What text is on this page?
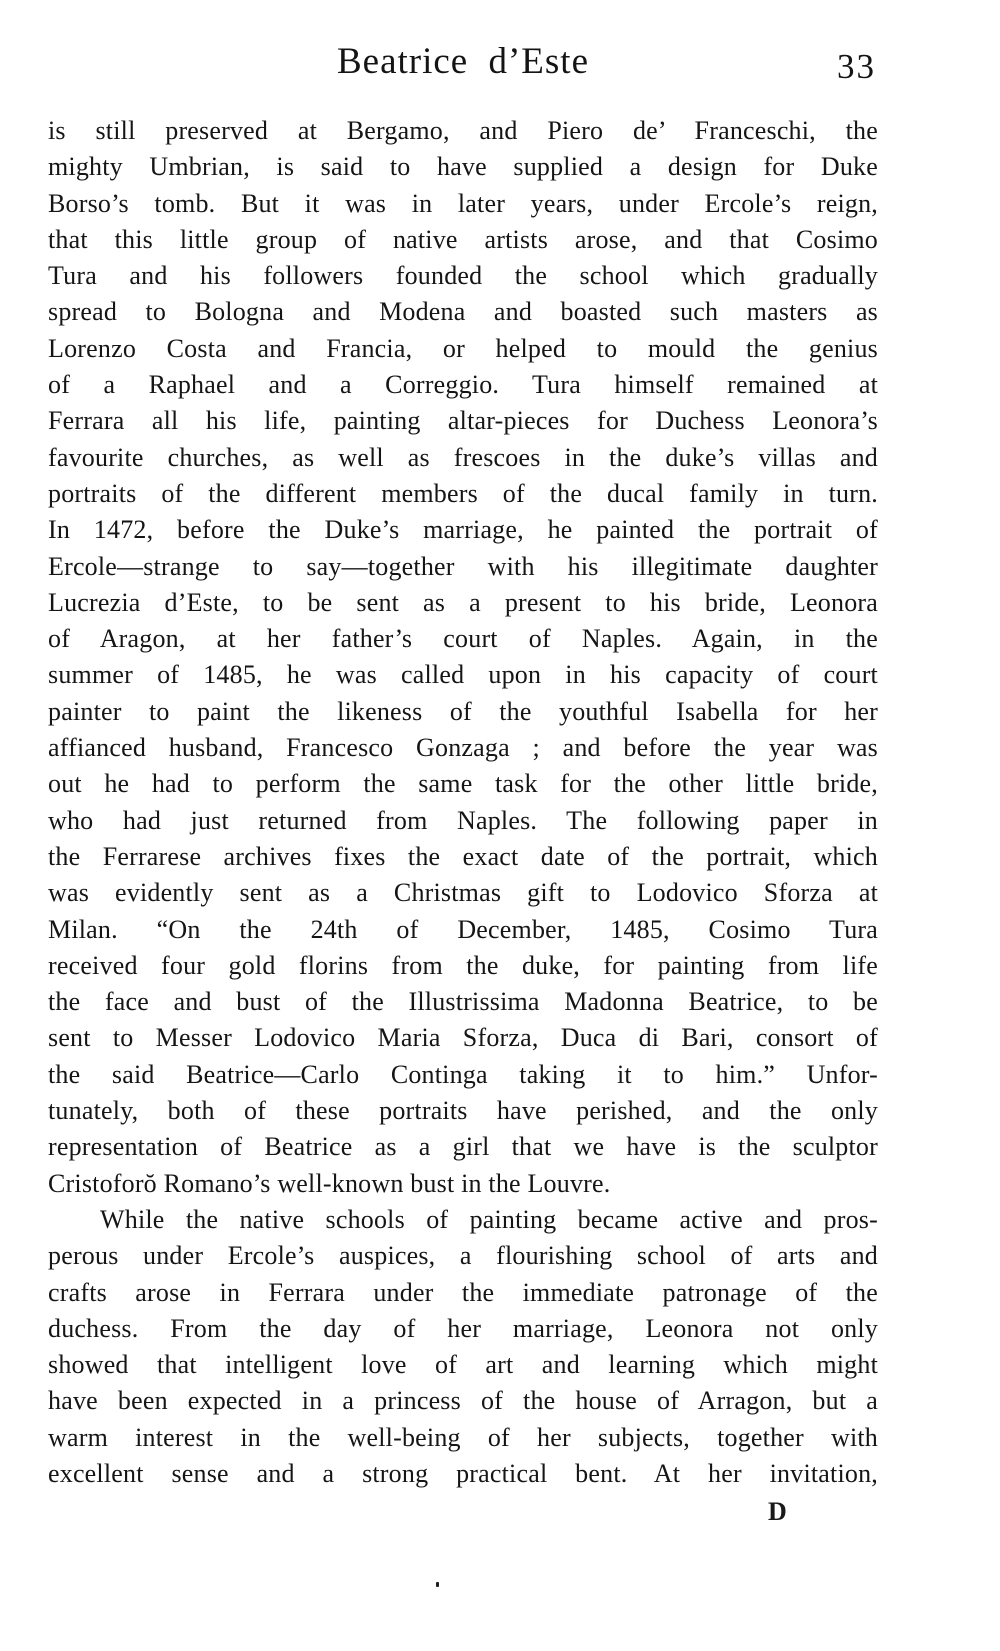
Beatrice d’Este	33
is still preserved at Bergamo, and Piero de’ Franceschi, the
mighty Umbrian, is said to have supplied a design for Duke
Borso’s tomb. But it was in later years, under Ercole’s reign,
that this little group of native artists arose, and that Cosimo
Tura and his followers founded the school which gradually
spread to Bologna and Modena and boasted such masters as
Lorenzo Costa and Francia, or helped to mould the genius
of a Raphael and a Correggio. Tura himself remained at
Ferrara all his life, painting altar-pieces for Duchess Leonora’s
favourite churches, as well as frescoes in the duke’s villas and
portraits of the different members of the ducal family in turn.
In 1472, before the Duke’s marriage, he painted the portrait of
Ercole—strange to say—together with his illegitimate daughter
Lucrezia d’Este, to be sent as a present to his bride, Leonora
of Aragon, at her father’s court of Naples. Again, in the
summer of 1485, he was called upon in his capacity of court
painter to paint the likeness of the youthful Isabella for her
affianced husband, Francesco Gonzaga ; and before the year was
out he had to perform the same task for the other little bride,
who had just returned from Naples. The following paper in
the Ferrarese archives fixes the exact date of the portrait, which
was evidently sent as a Christmas gift to Lodovico Sforza at
Milan. “On the 24th of December, 1485, Cosimo Tura
received four gold florins from the duke, for painting from life
the face and bust of the Illustrissima Madonna Beatrice, to be
sent to Messer Lodovico Maria Sforza, Duca di Bari, consort of
the said Beatrice—Carlo Continga taking it to him.” Unfor-
tunately, both of these portraits have perished, and the only
representation of Beatrice as a girl that we have is the sculptor
Cristoforŏ Romano’s well-known bust in the Louvre.
While the native schools of painting became active and pros-
perous under Ercole’s auspices, a flourishing school of arts and
crafts arose in Ferrara under the immediate patronage of the
duchess. From the day of her marriage, Leonora not only
showed that intelligent love of art and learning which might
have been expected in a princess of the house of Arragon, but a
warm interest in the well-being of her subjects, together with
excellent sense and a strong practical bent. At her invitation,
D
